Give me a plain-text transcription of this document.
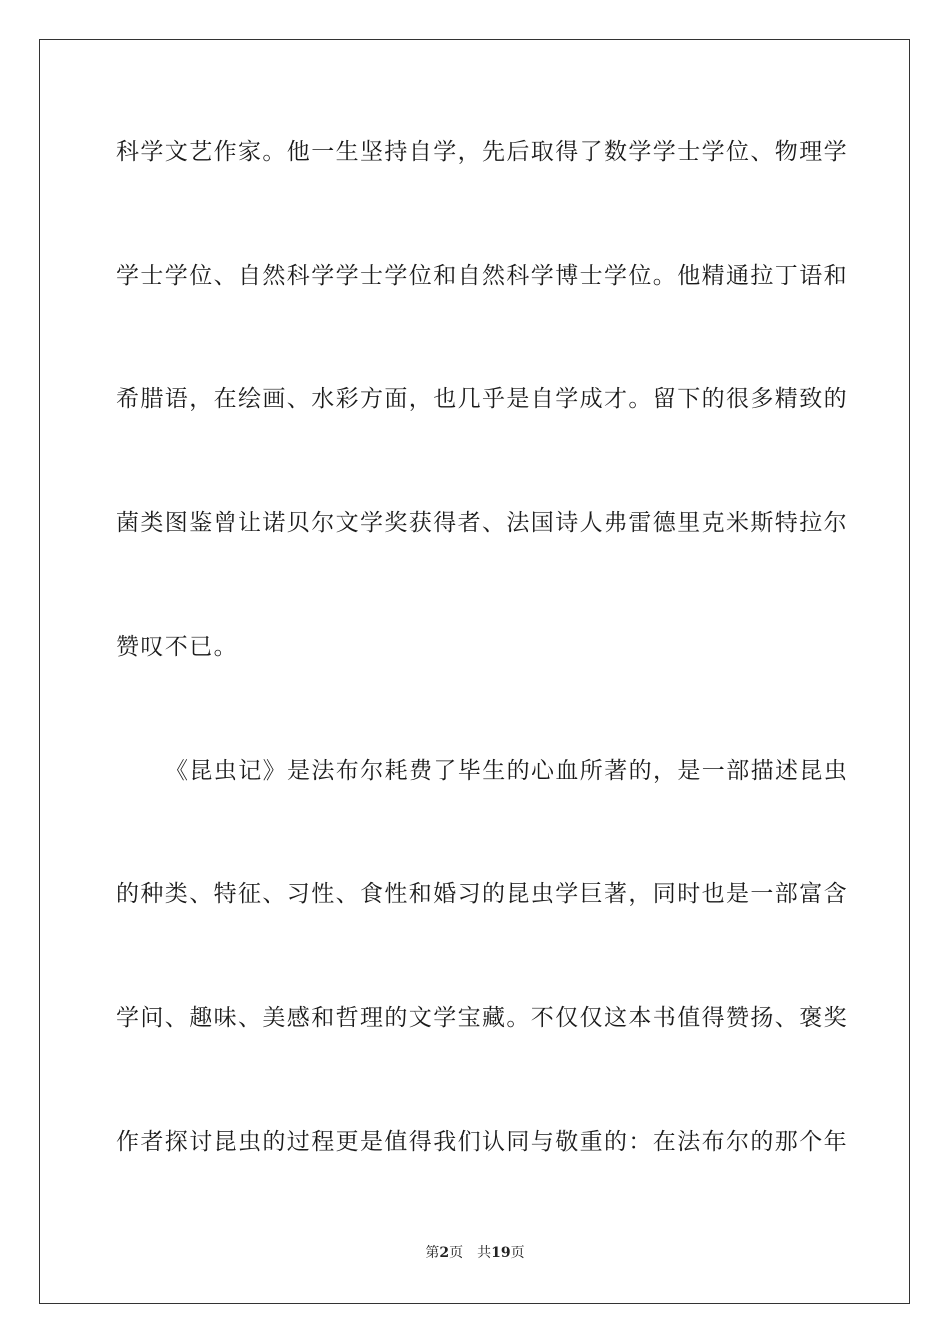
科学文艺作家。他一生坚持自学，先后取得了数学学士学位、物理学
学士学位、自然科学学士学位和自然科学博士学位。他精通拉丁语和
希腊语，在绘画、水彩方面，也几乎是自学成才。留下的很多精致的
菌类图鉴曾让诺贝尔文学奖获得者、法国诗人弗雷德里克米斯特拉尔
赞叹不已。
《昆虫记》是法布尔耗费了毕生的心血所著的，是一部描述昆虫
的种类、特征、习性、食性和婚习的昆虫学巨著，同时也是一部富含
学问、趣味、美感和哲理的文学宝藏。不仅仅这本书值得赞扬、褒奖
作者探讨昆虫的过程更是值得我们认同与敬重的：在法布尔的那个年
第2页 共19页
